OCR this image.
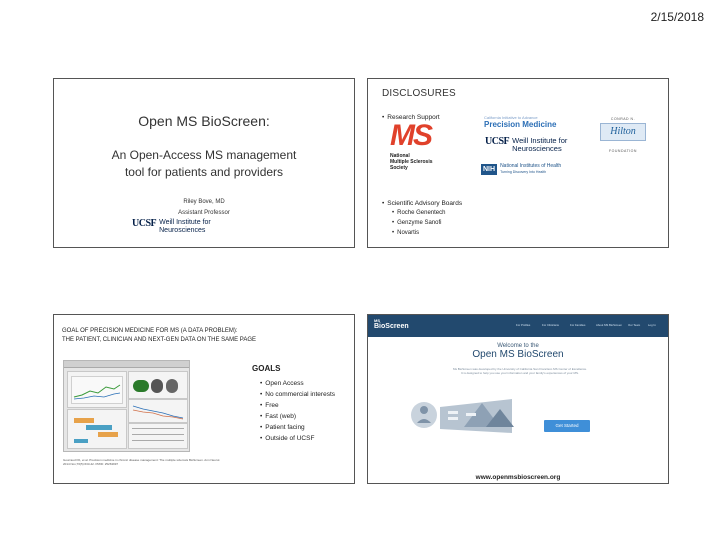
2/15/2018
Open MS BioScreen:
An Open-Access MS management
tool for patients and providers
Riley Bove, MD
Assistant Professor
UCSF Weill Institute for
Neurosciences
DISCLOSURES
• Research Support
MS
National
Multiple Sclerosis
Society
California Initiative to Advance
Precision Medicine
UCSF Weill Institute for
Neurosciences
NIH	National Institutes of Health
Turning Discovery Into Health
CONRAD N.
Hilton
FOUNDATION
• Scientific Advisory Boards
• Roche Genentech
• Genzyme Sanofi
• Novartis
GOAL OF PRECISION MEDICINE FOR MS (A DATA PROBLEM):
THE PATIENT, CLINICIAN AND NEXT-GEN DATA ON THE SAME PAGE
GOALS
• Open Access
• No commercial interests
• Free
• Fast (web)
• Patient facing
• Outside of UCSF
Gourraud PA, et al. Precision medicine in chronic disease management: The multiple sclerosis BioScreen. Ann Neurol. 2014 Nov;76(5):633-42. PMID: 25263997
MS
BioScreen	For Profiles	For Clinicians	For Families	About MS BioScreen Our Team	Log In
Welcome to the
Open MS BioScreen
Ms BioScreen was developed by the University of California San Francisco MS Center of Excellence.
It is designed to help you use your information and your family's experiences of your MS.
Get Started
www.openmsbioscreen.org
